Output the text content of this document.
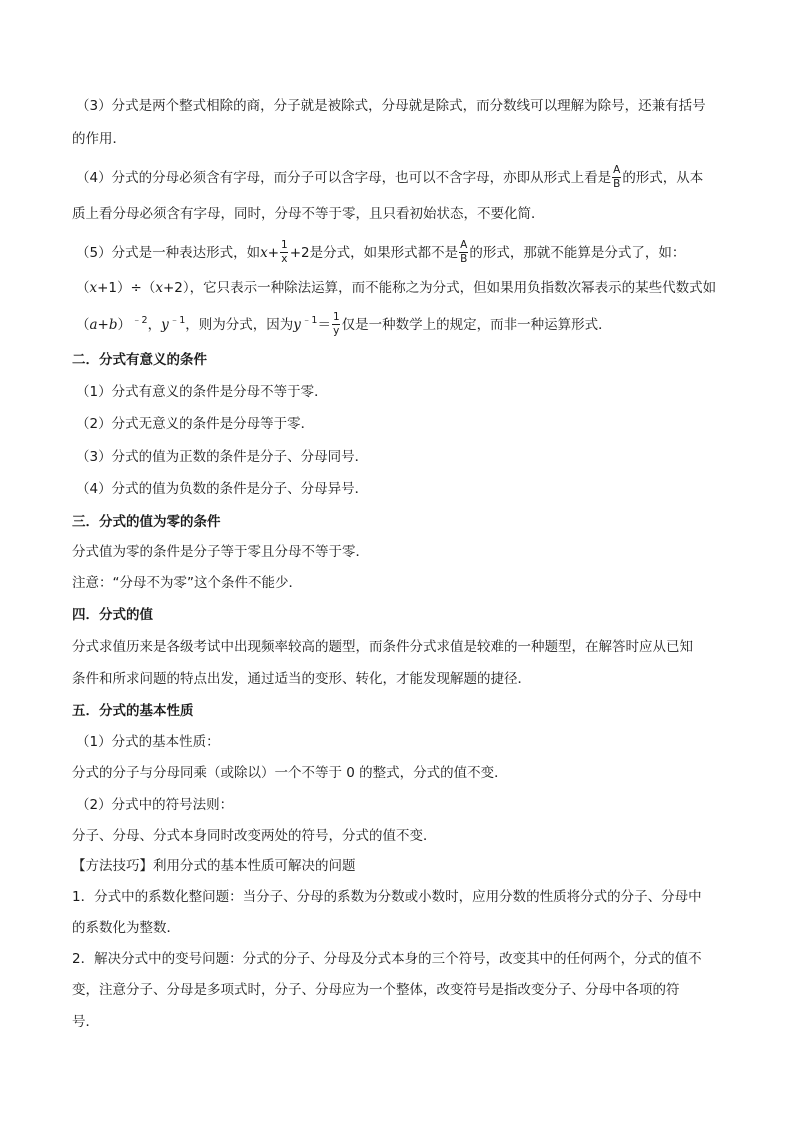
（3）分式是两个整式相除的商，分子就是被除式，分母就是除式，而分数线可以理解为除号，还兼有括号
的作用．
（4）分式的分母必须含有字母，而分子可以含字母，也可以不含字母，亦即从形式上看是 $\frac{A}{B}$ 的形式，从本
质上看分母必须含有字母，同时，分母不等于零，且只看初始状态，不要化简．
（5）分式是一种表达形式，如$x+ \frac{1}{x} +2$是分式，如果形式都不是 $\frac{A}{B}$ 的形式，那就不能算是分式了，如：
（x+1）÷（x+2），它只表示一种除法运算，而不能称之为分式，但如果用负指数次幂表示的某些代数式如
$(a+b)^{﹣2}$，$y^{﹣1}$，则为分式，因为$y^{﹣1}= \frac{1}{y}$ 仅是一种数学上的规定，而非一种运算形式．
二．分式有意义的条件
（1）分式有意义的条件是分母不等于零．
（2）分式无意义的条件是分母等于零．
（3）分式的值为正数的条件是分子、分母同号．
（4）分式的值为负数的条件是分子、分母异号．
三．分式的值为零的条件
分式值为零的条件是分子等于零且分母不等于零．
注意：“分母不为零”这个条件不能少．
四．分式的值
分式求值历来是各级考试中出现频率较高的题型，而条件分式求值是较难的一种题型，在解答时应从已知
条件和所求问题的特点出发，通过适当的变形、转化，才能发现解题的捷径．
五．分式的基本性质
（1）分式的基本性质：
分式的分子与分母同乘（或除以）一个不等于 0 的整式，分式的值不变．
（2）分式中的符号法则：
分子、分母、分式本身同时改变两处的符号，分式的值不变．
【方法技巧】利用分式的基本性质可解决的问题
1．分式中的系数化整问题：当分子、分母的系数为分数或小数时，应用分数的性质将分式的分子、分母中
的系数化为整数．
2．解决分式中的变号问题：分式的分子、分母及分式本身的三个符号，改变其中的任何两个，分式的值不
变，注意分子、分母是多项式时，分子、分母应为一个整体，改变符号是指改变分子、分母中各项的符
号．
